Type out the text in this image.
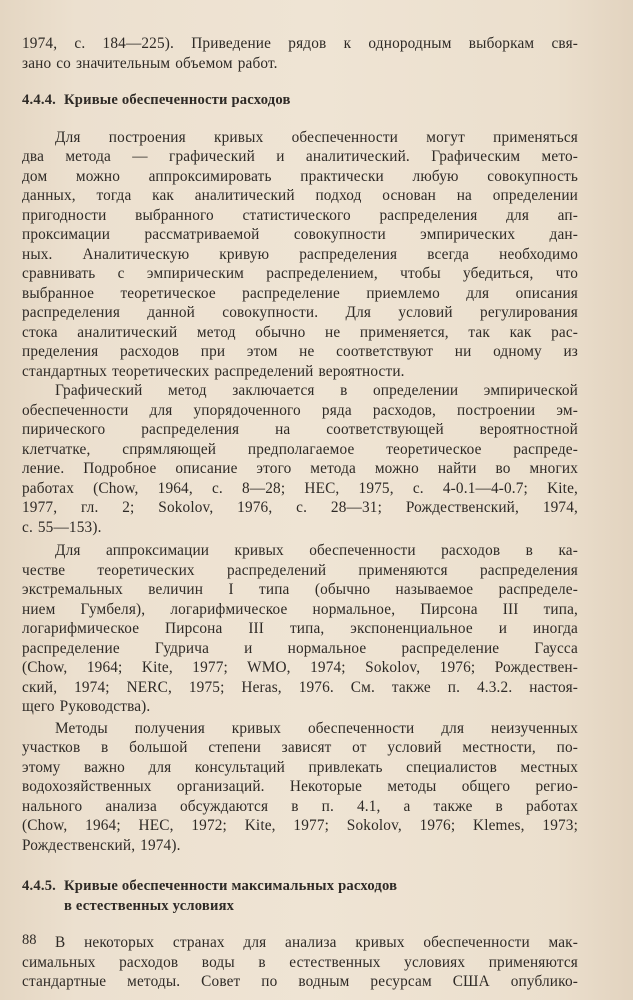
1974, с. 184—225). Приведение рядов к однородным выборкам свя-

зано со значительным объемом работ.

4.4.4. Кривые обеспеченности расходов

Для построения кривых обеспеченности могут применяться

два метода — графический и аналитический. Графическим мето-

дом можно аппроксимировать практически любую совокупность

данных, тогда как аналитический подход основан на определении

пригодности выбранного статистического распределения для ап-

проксимации рассматриваемой совокупности эмпирических дан-

ных. Аналитическую кривую распределения всегда необходимо

сравнивать с эмпирическим распределением, чтобы убедиться, что

выбранное теоретическое распределение приемлемо для описания

распределения данной совокупности. Для условий регулирования

стока аналитический метод обычно не применяется, так как рас-

пределения расходов при этом не соответствуют ни одному из

стандартных теоретических распределений вероятности.

Графический метод заключается в определении эмпирической

обеспеченности для упорядоченного ряда расходов, построении эм-

пирического распределения на соответствующей вероятностной

клетчатке, спрямляющей предполагаемое теоретическое распреде-

ление. Подробное описание этого метода можно найти во многих

работах (Chow, 1964, с. 8—28; HEC, 1975, с. 4-0.1—4-0.7; Kite,

1977, гл. 2; Sokolov, 1976, с. 28—31; Рождественский, 1974,

с. 55—153).

Для аппроксимации кривых обеспеченности расходов в ка-

честве теоретических распределений применяются распределения

экстремальных величин I типа (обычно называемое распределе-

нием Гумбеля), логарифмическое нормальное, Пирсона III типа,

логарифмическое Пирсона III типа, экспоненциальное и иногда

распределение Гудрича и нормальное распределение Гаусса

(Chow, 1964; Kite, 1977; WMO, 1974; Sokolov, 1976; Рождествен-

ский, 1974; NERC, 1975; Heras, 1976. См. также п. 4.3.2. настоя-

щего Руководства).

Методы получения кривых обеспеченности для неизученных

участков в большой степени зависят от условий местности, по-

этому важно для консультаций привлекать специалистов местных

водохозяйственных организаций. Некоторые методы общего регио-

нального анализа обсуждаются в п. 4.1, а также в работах

(Chow, 1964; HEC, 1972; Kite, 1977; Sokolov, 1976; Klemes, 1973;

Рождественский, 1974).

4.4.5. Кривые обеспеченности максимальных расходов
в естественных условиях

В некоторых странах для анализа кривых обеспеченности мак-

симальных расходов воды в естественных условиях применяются

стандартные методы. Совет по водным ресурсам США опублико-

88
